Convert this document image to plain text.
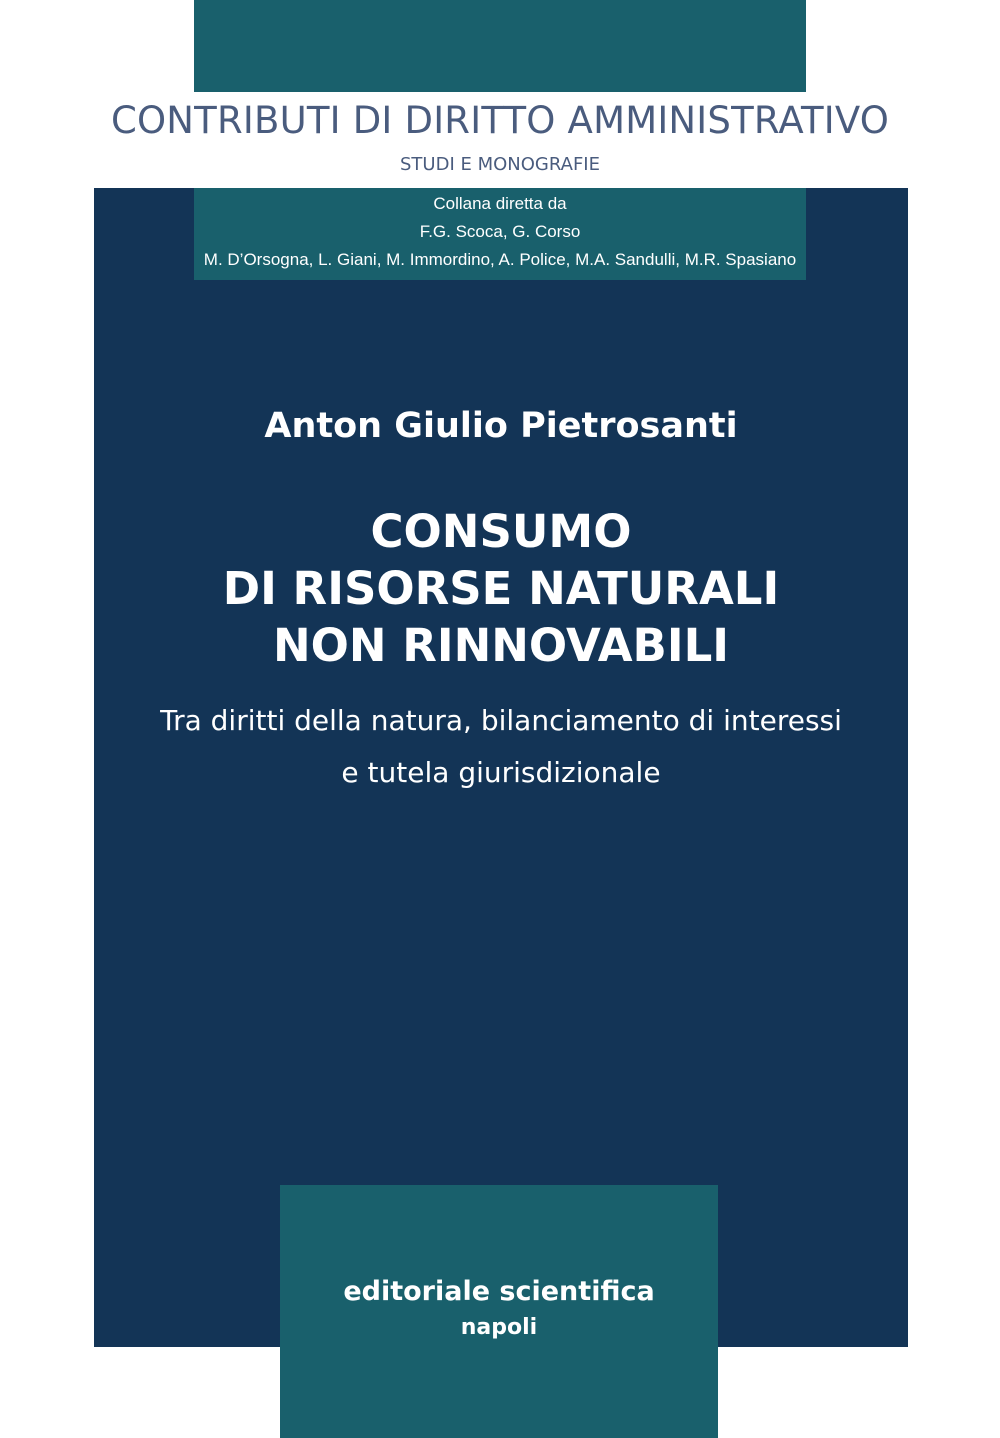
CONTRIBUTI DI DIRITTO AMMINISTRATIVO
STUDI E MONOGRAFIE
Collana diretta da
F.G. Scoca, G. Corso
M. D’Orsogna, L. Giani, M. Immordino, A. Police, M.A. Sandulli, M.R. Spasiano
Anton Giulio Pietrosanti
CONSUMO
DI RISORSE NATURALI
NON RINNOVABILI
Tra diritti della natura, bilanciamento di interessi
e tutela giurisdizionale
editoriale scientifica
napoli
